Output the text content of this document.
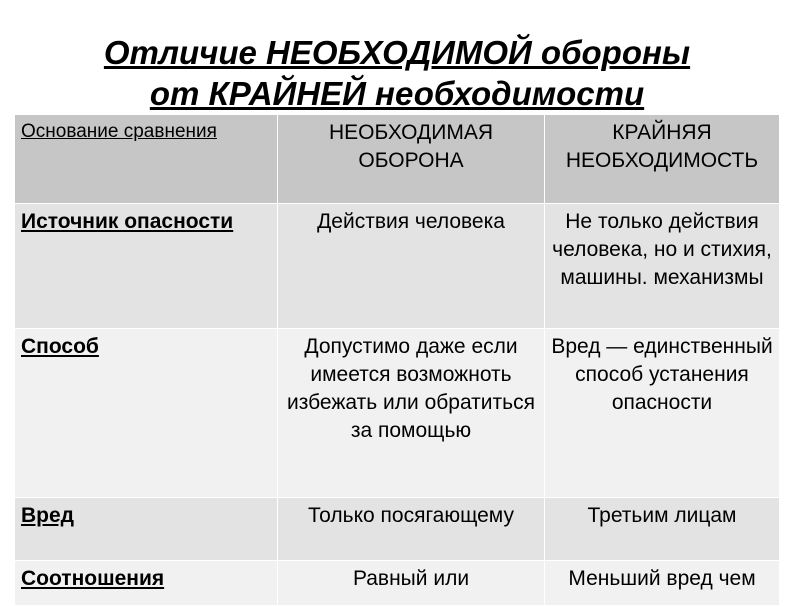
Отличие НЕОБХОДИМОЙ обороны
от КРАЙНЕЙ необходимости
Основание сравнения	НЕОБХОДИМАЯ ОБОРОНА	КРАЙНЯЯ НЕОБХОДИМОСТЬ
Источник опасности	Действия человека	Не только действия человека, но и стихия, машины. механизмы
Способ	Допустимо даже если имеется возможноть избежать или обратиться за помощью	Вред — единственный способ устанения опасности
Вред	Только посягающему	Третьим лицам
Соотношения	Равный или	Меньший вред чем
